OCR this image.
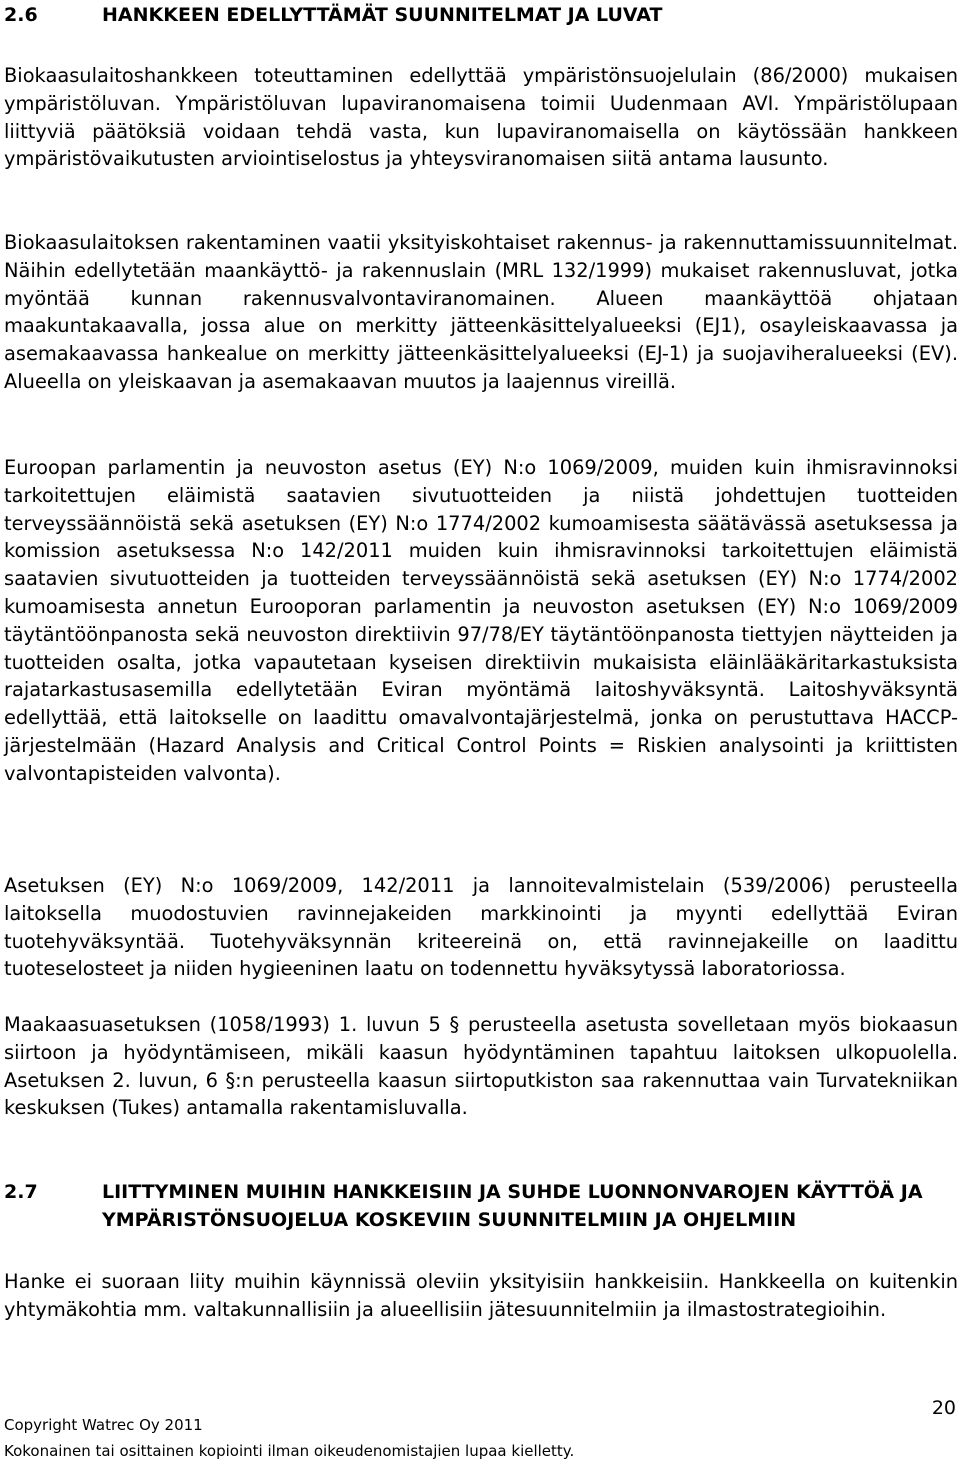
2.6	HANKKEEN EDELLYTTÄMÄT SUUNNITELMAT JA LUVAT

Biokaasulaitoshankkeen toteuttaminen edellyttää ympäristönsuojelulain (86/2000) mukaisen ympäristöluvan. Ympäristöluvan lupaviranomaisena toimii Uudenmaan AVI. Ympäristölupaan liittyviä päätöksiä voidaan tehdä vasta, kun lupaviranomaisella on käytössään hankkeen ympäristövaikutusten arviointiselostus ja yhteysviranomaisen siitä antama lausunto.

Biokaasulaitoksen rakentaminen vaatii yksityiskohtaiset rakennus- ja rakennuttamissuunnitelmat. Näihin edellytetään maankäyttö- ja rakennuslain (MRL 132/1999) mukaiset rakennusluvat, jotka myöntää kunnan rakennusvalvontaviranomainen. Alueen maankäyttöä ohjataan maakuntakaavalla, jossa alue on merkitty jätteenkäsittelyalueeksi (EJ1), osayleiskaavassa ja asemakaavassa hankealue on merkitty jätteenkäsittelyalueeksi (EJ-1) ja suojaviheralueeksi (EV). Alueella on yleiskaavan ja asemakaavan muutos ja laajennus vireillä.

Euroopan parlamentin ja neuvoston asetus (EY) N:o 1069/2009, muiden kuin ihmisravinnoksi tarkoitettujen eläimistä saatavien sivutuotteiden ja niistä johdettujen tuotteiden terveyssäännöistä sekä asetuksen (EY) N:o 1774/2002 kumoamisesta säätävässä asetuksessa ja komission asetuksessa N:o 142/2011 muiden kuin ihmisravinnoksi tarkoitettujen eläimistä saatavien sivutuotteiden ja tuotteiden terveyssäännöistä sekä asetuksen (EY) N:o 1774/2002 kumoamisesta annetun Eurooporan parlamentin ja neuvoston asetuksen (EY) N:o 1069/2009 täytäntöönpanosta sekä neuvoston direktiivin 97/78/EY täytäntöönpanosta tiettyjen näytteiden ja tuotteiden osalta, jotka vapautetaan kyseisen direktiivin mukaisista eläinlääkäritarkastuksista rajatarkastusasemilla edellytetään Eviran myöntämä laitoshyväksyntä. Laitoshyväksyntä edellyttää, että laitokselle on laadittu omavalvontajärjestelmä, jonka on perustuttava HACCP-järjestelmään (Hazard Analysis and Critical Control Points = Riskien analysointi ja kriittisten valvontapisteiden valvonta).

Asetuksen (EY) N:o 1069/2009, 142/2011 ja lannoitevalmistelain (539/2006) perusteella laitoksella muodostuvien ravinnejakeiden markkinointi ja myynti edellyttää Eviran tuotehyväksyntää. Tuotehyväksynnän kriteereinä on, että ravinnejakeille on laadittu tuoteselosteet ja niiden hygieeninen laatu on todennettu hyväksytyssä laboratoriossa.

Maakaasuasetuksen (1058/1993) 1. luvun 5 § perusteella asetusta sovelletaan myös biokaasun siirtoon ja hyödyntämiseen, mikäli kaasun hyödyntäminen tapahtuu laitoksen ulkopuolella. Asetuksen 2. luvun, 6 §:n perusteella kaasun siirtoputkiston saa rakennuttaa vain Turvatekniikan keskuksen (Tukes) antamalla rakentamisluvalla.

2.7	LIITTYMINEN MUIHIN HANKKEISIIN JA SUHDE LUONNONVAROJEN KÄYTTÖÄ JA YMPÄRISTÖNSUOJELUA KOSKEVIIN SUUNNITELMIIN JA OHJELMIIN

Hanke ei suoraan liity muihin käynnissä oleviin yksityisiin hankkeisiin. Hankkeella on kuitenkin yhtymäkohtia mm. valtakunnallisiin ja alueellisiin jätesuunnitelmiin ja ilmastostrategioihin.

20
Copyright Watrec Oy 2011
Kokonainen tai osittainen kopiointi ilman oikeudenomistajien lupaa kielletty.
